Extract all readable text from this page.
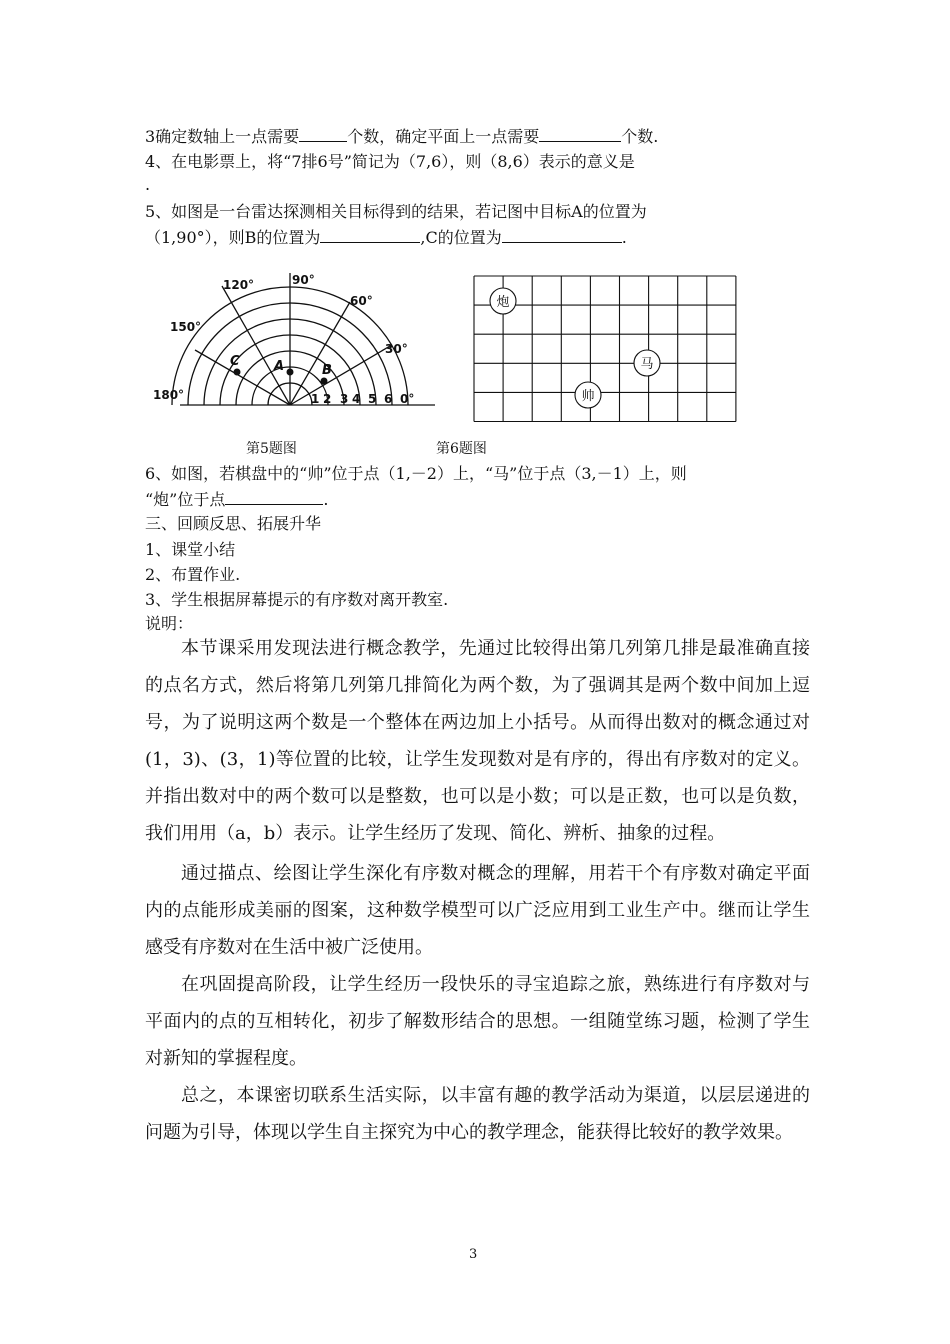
3确定数轴上一点需要	个数，确定平面上一点需要	个数.
4、在电影票上，将“7排6号”简记为（7,6），则（8,6）表示的意义是
.
5、如图是一台雷达探测相关目标得到的结果，若记图中目标A的位置为
（1,90°），则B的位置为	,C的位置为	.
90°
120°
60°
150°
30°
180°	0°
1 2 3 4 5 6
A	B
C
炮
马
帅
第5题图	第6题图
6、如图，若棋盘中的“帅”位于点（1,－2）上，“马”位于点（3,－1）上，则
“炮”位于点	.
三、回顾反思、拓展升华
1、课堂小结
2、布置作业.
3、学生根据屏幕提示的有序数对离开教室.
说明：
本节课采用发现法进行概念教学，先通过比较得出第几列第几排是最准确直接的点名方式，然后将第几列第几排简化为两个数，为了强调其是两个数中间加上逗号，为了说明这两个数是一个整体在两边加上小括号。从而得出数对的概念通过对(1，3)、(3，1)等位置的比较，让学生发现数对是有序的，得出有序数对的定义。并指出数对中的两个数可以是整数，也可以是小数；可以是正数，也可以是负数，我们用用（a，b）表示。让学生经历了发现、简化、辨析、抽象的过程。
通过描点、绘图让学生深化有序数对概念的理解，用若干个有序数对确定平面内的点能形成美丽的图案，这种数学模型可以广泛应用到工业生产中。继而让学生感受有序数对在生活中被广泛使用。
在巩固提高阶段，让学生经历一段快乐的寻宝追踪之旅，熟练进行有序数对与平面内的点的互相转化，初步了解数形结合的思想。一组随堂练习题，检测了学生对新知的掌握程度。
总之，本课密切联系生活实际，以丰富有趣的教学活动为渠道，以层层递进的问题为引导，体现以学生自主探究为中心的教学理念，能获得比较好的教学效果。
3
